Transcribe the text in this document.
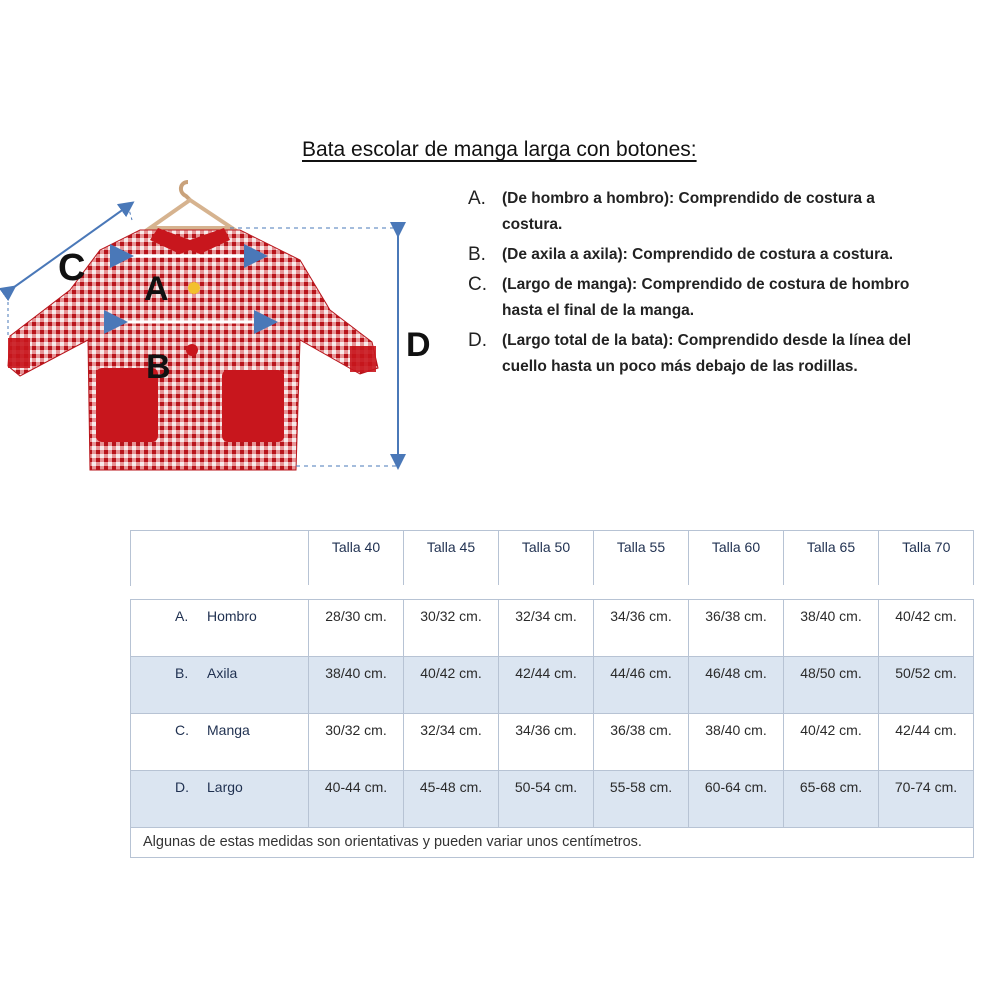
Bata escolar de manga larga con botones:
C A
B
D
A.	(De hombro a hombro): Comprendido de costura a costura.
B.	(De axila a axila): Comprendido de costura a costura.
C. (Largo de manga): Comprendido de costura de hombro hasta el final de la manga.
D. (Largo total de la bata): Comprendido desde la línea del cuello hasta un poco más debajo de las rodillas.
	Talla 40	Talla 45	Talla 50	Talla 55	Talla 60	Talla 65	Talla 70

A. Hombro	28/30 cm.	30/32 cm.	32/34 cm.	34/36 cm.	36/38 cm.	38/40 cm.	40/42 cm.
B. Axila	38/40 cm.	40/42 cm.	42/44 cm.	44/46 cm.	46/48 cm.	48/50 cm.	50/52 cm.
C. Manga	30/32 cm.	32/34 cm.	34/36 cm.	36/38 cm.	38/40 cm.	40/42 cm.	42/44 cm.
D. Largo	40-44 cm.	45-48 cm.	50-54 cm.	55-58 cm.	60-64 cm.	65-68 cm.	70-74 cm.
Algunas de estas medidas son orientativas y pueden variar unos centímetros.							
